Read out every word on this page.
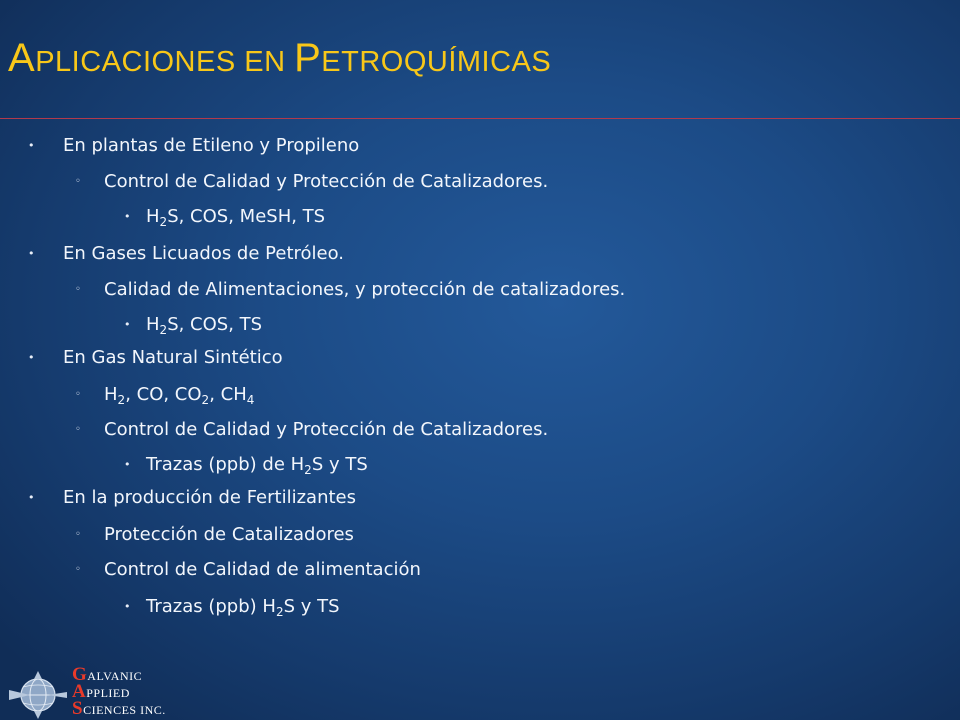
APLICACIONES EN PETROQUÍMICAS
• En plantas de Etileno y Propileno
◦ Control de Calidad y Protección de Catalizadores.
• $H_2S$, COS, MeSH, TS
• En Gases Licuados de Petróleo.
◦ Calidad de Alimentaciones, y protección de catalizadores.
• $H_2S$, COS, TS
• En Gas Natural Sintético
◦ $H_2$, CO, $CO_2$, $CH_4$
◦ Control de Calidad y Protección de Catalizadores.
• Trazas (ppb) de $H_2S$ y TS
• En la producción de Fertilizantes
◦ Protección de Catalizadores
◦ Control de Calidad de alimentación
• Trazas (ppb) $H_2S$ y TS
GALVANIC
APPLIED
SCIENCES INC.
